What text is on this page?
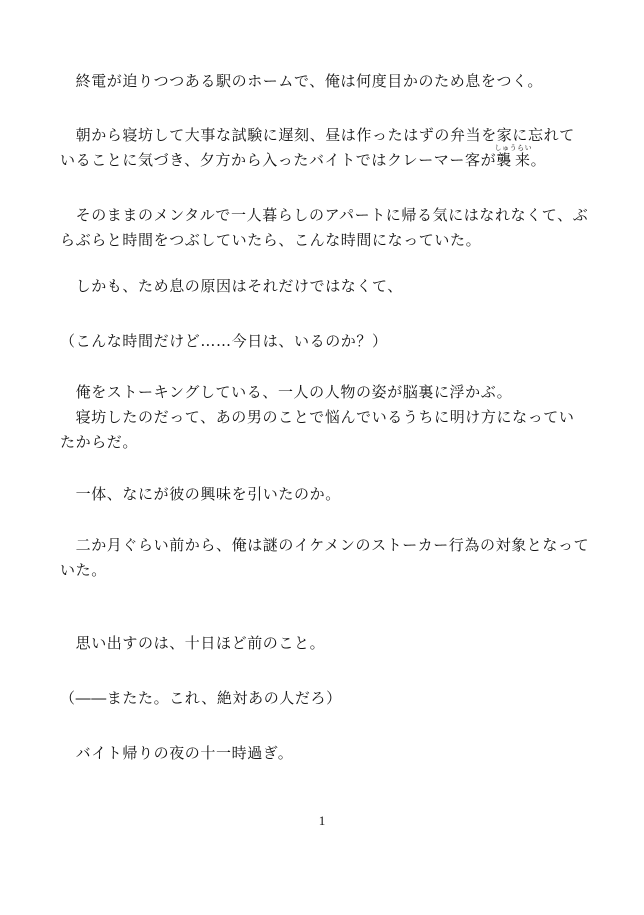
　終電が迫りつつある駅のホームで、俺は何度目かのため息をつく。

　朝から寝坊して大事な試験に遅刻、昼は作ったはずの弁当を家に忘れていることに気づき、夕方から入ったバイトではクレーマー客が襲来しゅうらい。

　そのままのメンタルで一人暮らしのアパートに帰る気にはなれなくて、ぶらぶらと時間をつぶしていたら、こんな時間になっていた。

　しかも、ため息の原因はそれだけではなくて、

（こんな時間だけど……今日は、いるのか？）

　俺をストーキングしている、一人の人物の姿が脳裏に浮かぶ。

　寝坊したのだって、あの男のことで悩んでいるうちに明け方になっていたからだ。

　一体、なにが彼の興味を引いたのか。

　二か月ぐらい前から、俺は謎のイケメンのストーカー行為の対象となっていた。

　思い出すのは、十日ほど前のこと。

（――またた。これ、絶対あの人だろ）

　バイト帰りの夜の十一時過ぎ。

1
